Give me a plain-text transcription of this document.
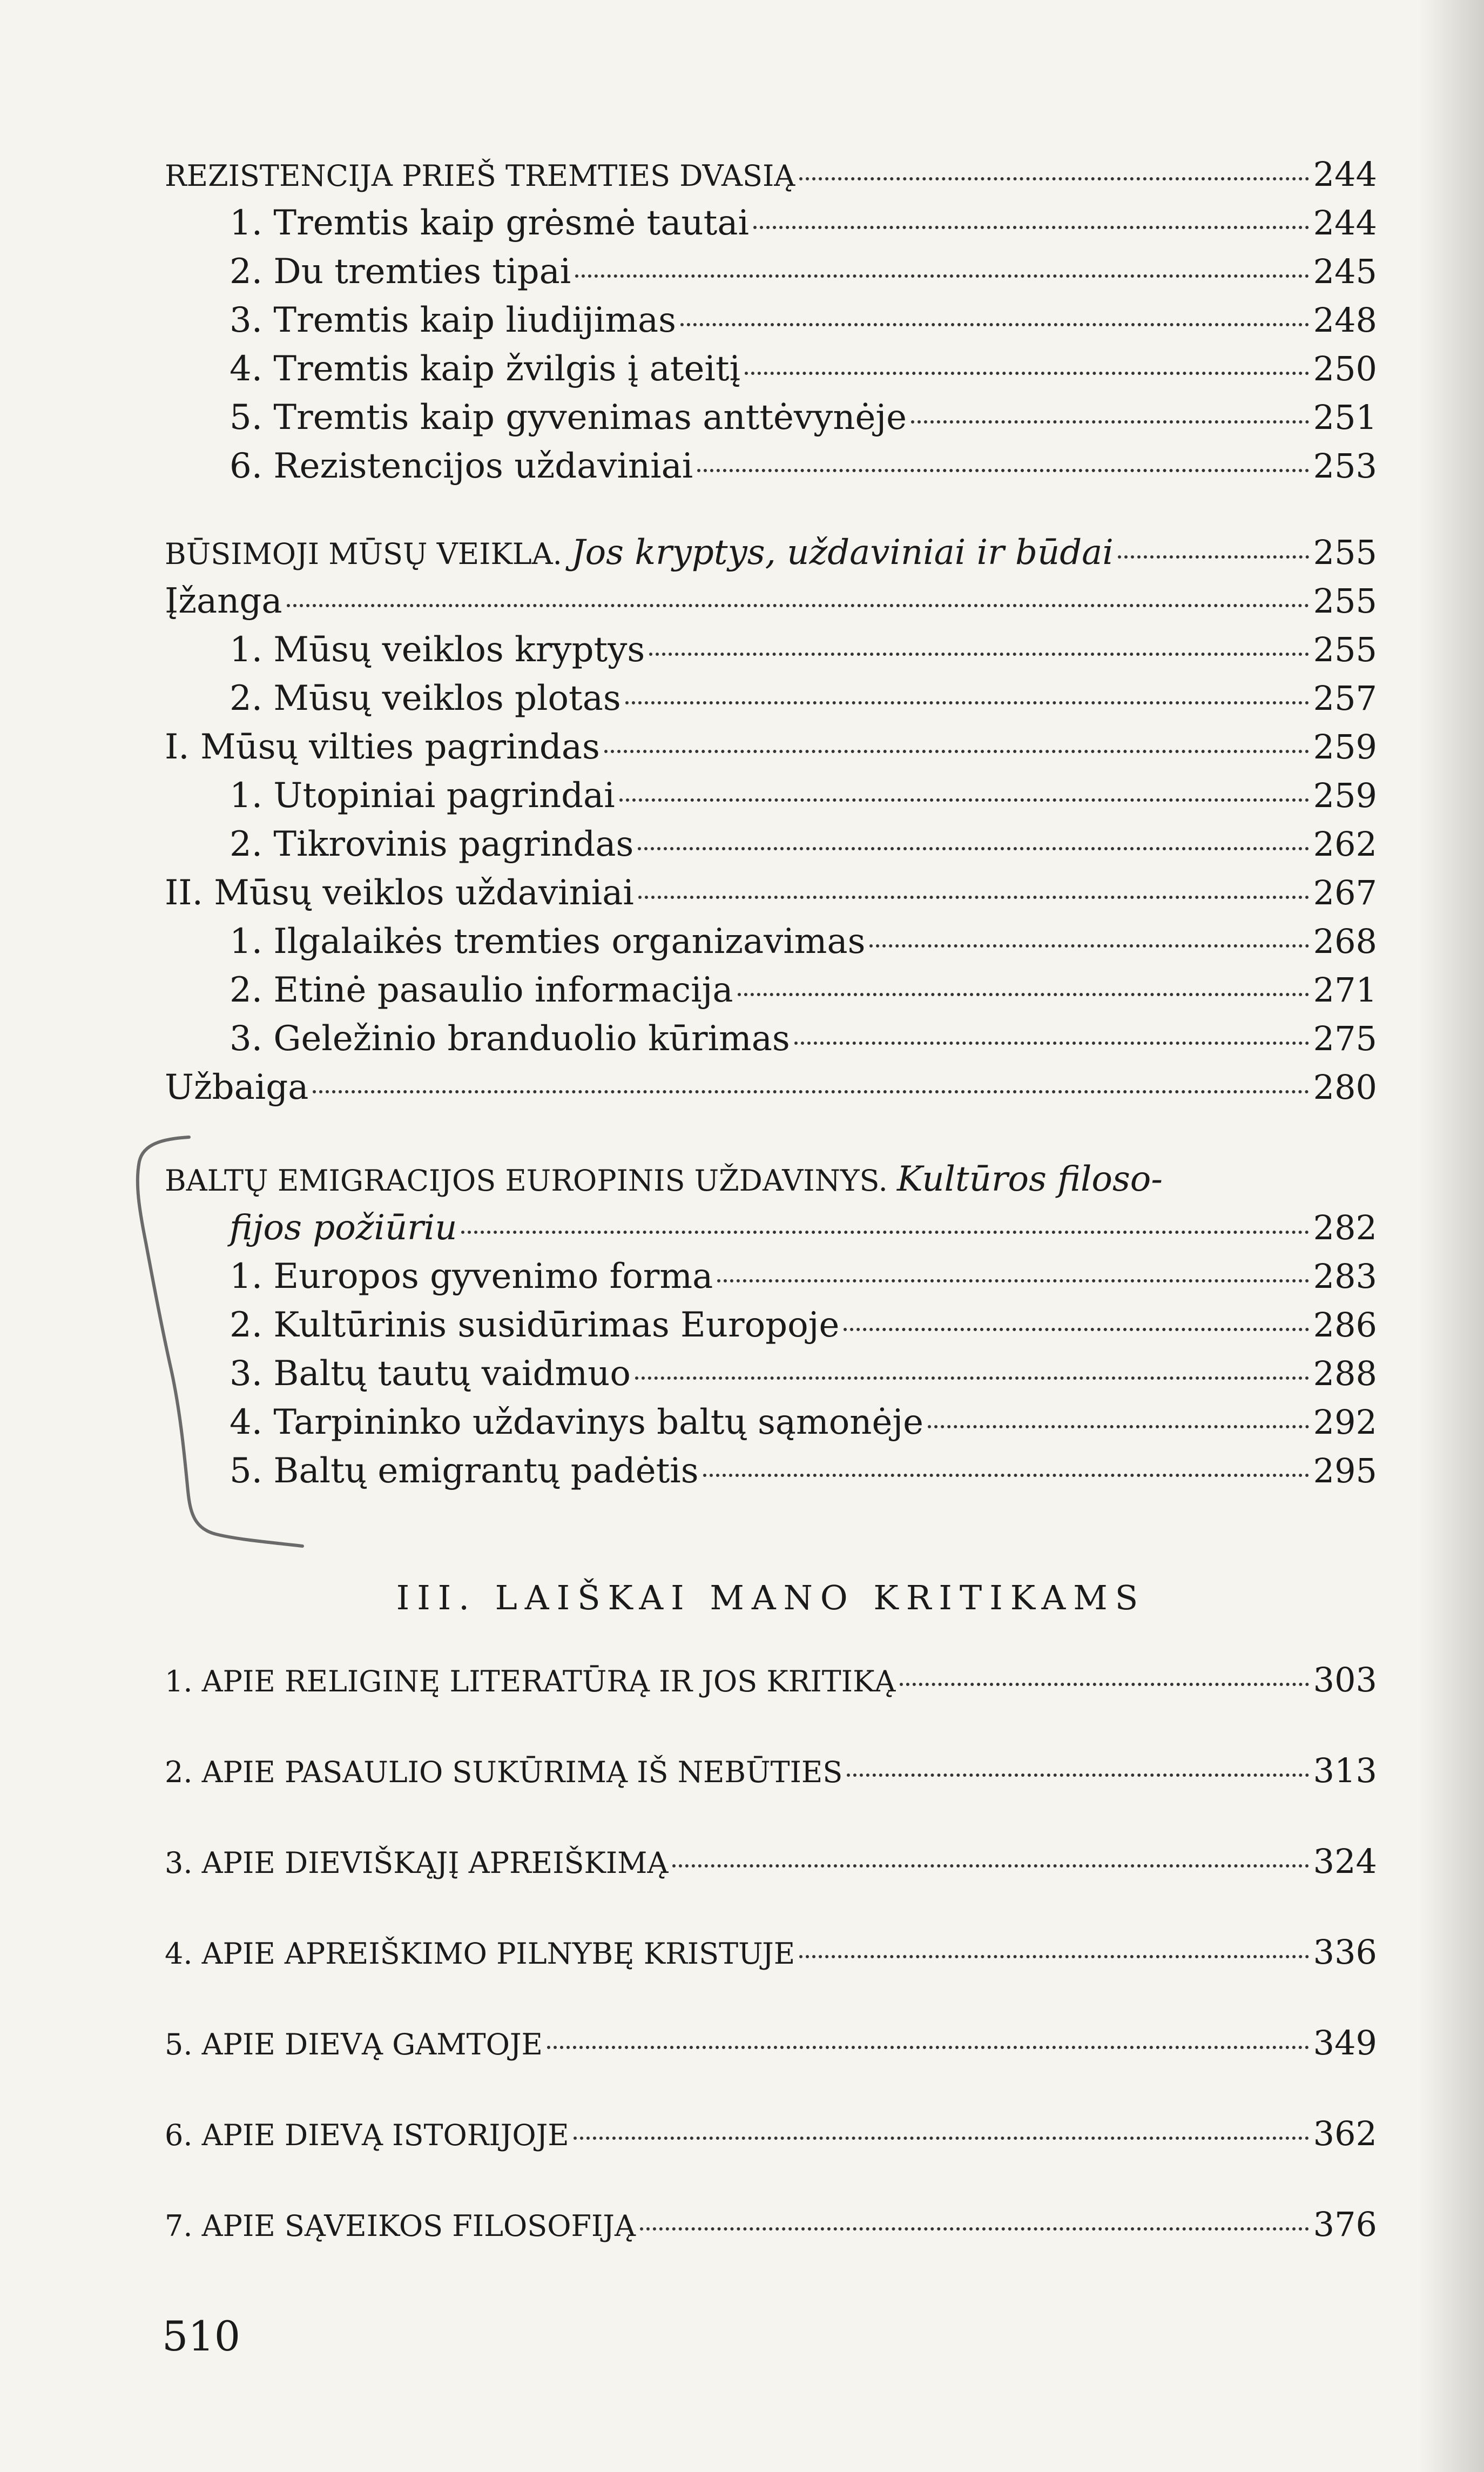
REZISTENCIJA PRIEŠ TREMTIES DVASIĄ	244
1. Tremtis kaip grėsmė tautai	244
2. Du tremties tipai	245
3. Tremtis kaip liudijimas	248
4. Tremtis kaip žvilgis į ateitį	250
5. Tremtis kaip gyvenimas anttėvynėje	251
6. Rezistencijos uždaviniai	253
BŪSIMOJI MŪSŲ VEIKLA. Jos kryptys, uždaviniai ir būdai	255
Įžanga	255
1. Mūsų veiklos kryptys	255
2. Mūsų veiklos plotas	257
I. Mūsų vilties pagrindas	259
1. Utopiniai pagrindai	259
2. Tikrovinis pagrindas	262
II. Mūsų veiklos uždaviniai	267
1. Ilgalaikės tremties organizavimas	268
2. Etinė pasaulio informacija	271
3. Geležinio branduolio kūrimas	275
Užbaiga	280
BALTŲ EMIGRACIJOS EUROPINIS UŽDAVINYS. Kultūros filoso-
fijos požiūriu	282
1. Europos gyvenimo forma	283
2. Kultūrinis susidūrimas Europoje	286
3. Baltų tautų vaidmuo	288
4. Tarpininko uždavinys baltų sąmonėje	292
5. Baltų emigrantų padėtis	295
III. LAIŠKAI MANO KRITIKAMS
1. APIE RELIGINĘ LITERATŪRĄ IR JOS KRITIKĄ	303
2. APIE PASAULIO SUKŪRIMĄ IŠ NEBŪTIES	313
3. APIE DIEVIŠKĄJĮ APREIŠKIMĄ	324
4. APIE APREIŠKIMO PILNYBĘ KRISTUJE	336
5. APIE DIEVĄ GAMTOJE	349
6. APIE DIEVĄ ISTORIJOJE	362
7. APIE SĄVEIKOS FILOSOFIJĄ	376
510
